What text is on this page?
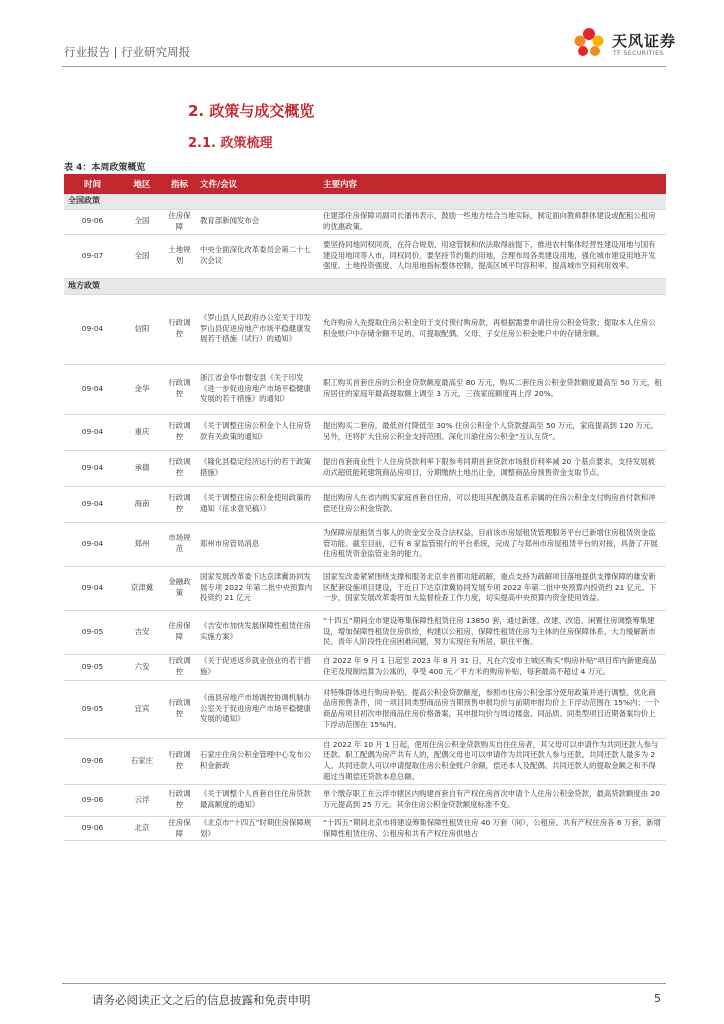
行业报告 | 行业研究周报
天风证券
TF SECURITIES
2. 政策与成交概览
2.1. 政策梳理
表 4：本周政策概览
时间	地区	指标	文件/会议	主要内容
全国政策				
09-06	全国	住房保障	教育部新闻发布会	住建部住房保障司副司长潘伟表示，鼓励一些地方结合当地实际，制定面向教师群体建设或配租公租房的优惠政策。
09-07	全国	土地规划	中央全面深化改革委员会第二十七次会议	要坚持同地同权同责，在符合规划、用途管制和依法取得前提下，推进农村集体经营性建设用地与国有建设用地同等入市，同权同价。要坚持节约集约用地，合理布局各类建设用地，强化城市建设用地开发强度、土地投资强度、人均用地指标整体控制，提高区域平均容积率，提高城市空间利用效率。
地方政策				
09-04	信阳	行政调控	《罗山县人民政府办公室关于印发罗山县促进房地产市场平稳健康发展若干措施（试行）的通知》	允许购房人先提取住房公积金用于支付预付购房款，再根据需要申请住房公积金贷款；提取本人住房公积金账户中存储余额不足的，可提取配偶、父母、子女住房公积金账户中的存储余额。
09-04	金华	行政调控	浙江省金华市磐安县《关于印发《进一步促进房地产市场平稳健康发展的若干措施》的通知》	职工购买首套住房的公积金贷款额度最高至 80 万元，购买二套住房公积金贷款额度最高至 50 万元，租房居住的家庭年最高提取额上调至 3 万元，三孩家庭额度再上浮 20%。
09-04	重庆	行政调控	《关于调整住房公积金个人住房贷款有关政策的通知》	提出购买二套房，最低首付降低至 30% 住房公积金个人贷款提高至 50 万元，家庭提高到 120 万元。另外，还将扩大住房公积金支持范围。深化川渝住房公积金“互认互贷”。
09-04	承德	行政调控	《隆化县稳定经济运行的若干政策措施》	提出首套商业性个人住房贷款利率下限参考同期首套贷款市场报价利率减 20 个基点要求，支持发展被动式超低能耗建筑商品房项目，分期缴纳土地出让金，调整商品房预售资金支取节点。
09-04	海南	行政调控	《关于调整住房公积金使用政策的通知（征求意见稿）》	提出购房人在省内购买家庭首套自住房，可以使用其配偶及直系亲属的住房公积金支付购房首付款和冲偿还住房公积金贷款。
09-04	郑州	市场规范	郑州市房管局消息	为保障房屋租赁当事人的资金安全及合法权益，目前该市房屋租赁管理服务平台已新增住房租赁资金监管功能。截至目前，已有 8 家监管银行的平台系统，完成了与郑州市房屋租赁平台的对接，具备了开展住房租赁资金监管业务的能力。
09-04	京津冀	金融政策	国家发展改革委下达京津冀协同发展专项 2022 年第二批中央预算内投资约 21 亿元	国家发改委紧紧围绕支撑和服务北京非首都功能疏解，重点支持为疏解项目落地提供支撑保障的雄安新区配套设施项目建设，于近日下达京津冀协同发展专项 2022 年第二批中央预算内投资约 21 亿元。下一步，国家发展改革委将加大监督检查工作力度，切实提高中央预算内资金使用效益。
09-05	吉安	住房保障	《吉安市加快发展保障性租赁住房实施方案》	“十四五”期间全市建设筹集保障性租赁住房 13850 套，通过新建、改建、改造、闲置住房调整筹集建设，增加保障性租赁住房供给，构建以公租房、保障性租赁住房为主体的住房保障体系，大力缓解新市民、青年人阶段性住房困难问题，努力实现住有所居、职住平衡。
09-05	六安	行政调控	《关于促进返乡就业创业的若干措施》	自 2022 年 9 月 1 日起至 2023 年 8 月 31 日，凡在六安市主城区购买“购房补贴”项目库内新建商品住宅及现制结算为公寓的，享受 400 元／平方米的购房补贴，每套最高不超过 4 万元。
09-05	宜宾	行政调控	《南县房地产市场调控协调机制办公室关于促进房地产市场平稳健康发展的通知》	对特殊群体进行购房补贴。提高公积金贷款额度，参照市住房公积金部分使用政策并进行调整。优化商品房预售条件，同一项目同类型商品房当期预售申报均价与前期申报均价上下浮动范围在 15%内；一个商品房项目初次申报商品住房价格备案，其申报均价与周边楼盘、同品质、同类型项目近期备案均价上下浮动范围在 15%内。
09-06	石家庄	行政调控	石家庄住房公积金管理中心发布公积金新政	自 2022 年 10 月 1 日起，使用住房公积金贷款购买自住住房者，其父母可以申请作为共同还款人参与还款。职工配偶为房产共有人的，配偶父母也可以申请作为共同还款人参与还款。共同还款人最多为 2 人。共同还款人可以申请提取住房公积金账户余额，偿还本人及配偶、共同还款人的提取金额之和不得超过当期偿还贷款本息总额。
09-06	云浮	行政调控	《关于调整个人首套自住住房贷款最高额度的通知》	单个缴存职工在云浮市辖区内购建首套自有产权住房首次申请个人住房公积金贷款，最高贷款额度由 20 万元提高到 25 万元。其余住房公积金贷款额度标准不变。
09-06	北京	住房保障	《北京市“十四五”时期住房保障规划》	“十四五”期间北京市将建设筹集保障性租赁住房 40 万套（间），公租房、共有产权住房各 6 万套，新增保障性租赁住房、公租房和共有产权住房供地占
请务必阅读正文之后的信息披露和免责申明	5
